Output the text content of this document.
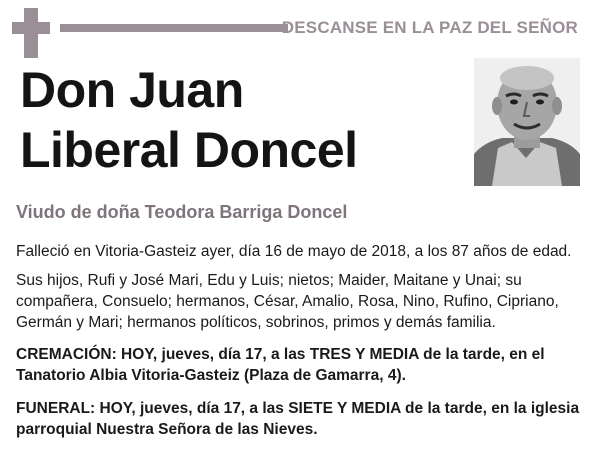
DESCANSE EN LA PAZ DEL SEÑOR
Don Juan
Liberal Doncel
Viudo de doña Teodora Barriga Doncel
Falleció en Vitoria-Gasteiz ayer, día 16 de mayo de 2018, a los 87 años de edad.
Sus hijos, Rufi y José Mari, Edu y Luis; nietos; Maider, Maitane y Unai; su compañera, Consuelo; hermanos, César, Amalio, Rosa, Nino, Rufino, Cipriano, Germán y Mari; hermanos políticos, sobrinos, primos y demás familia.
CREMACIÓN: HOY, jueves, día 17, a las TRES Y MEDIA de la tarde, en el Tanatorio Albia Vitoria-Gasteiz (Plaza de Gamarra, 4).
FUNERAL: HOY, jueves, día 17, a las SIETE Y MEDIA de la tarde, en la iglesia parroquial Nuestra Señora de las Nieves.
